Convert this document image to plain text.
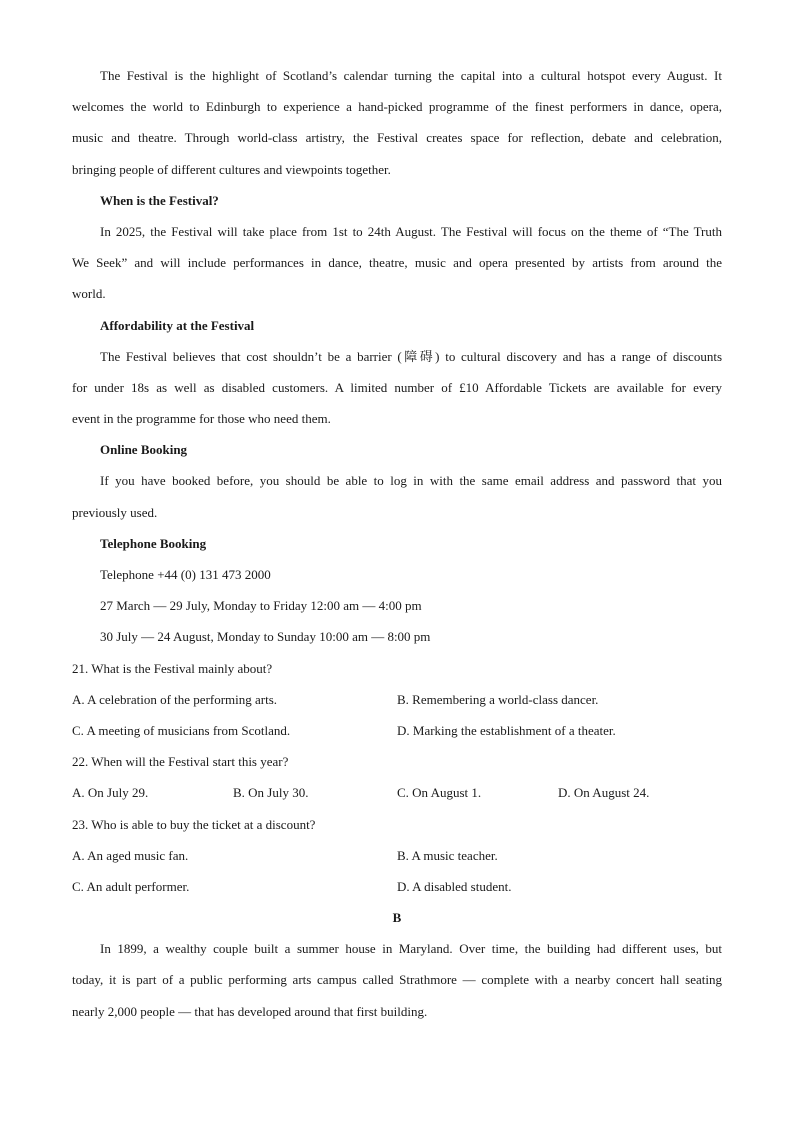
The Festival is the highlight of Scotland’s calendar turning the capital into a cultural hotspot every August. It
welcomes the world to Edinburgh to experience a hand-picked programme of the finest performers in dance, opera,
music and theatre. Through world-class artistry, the Festival creates space for reflection, debate and celebration,
bringing people of different cultures and viewpoints together.
When is the Festival?
In 2025, the Festival will take place from 1st to 24th August. The Festival will focus on the theme of “The Truth
We Seek” and will include performances in dance, theatre, music and opera presented by artists from around the
world.
Affordability at the Festival
The Festival believes that cost shouldn’t be a barrier (障碍) to cultural discovery and has a range of discounts
for under 18s as well as disabled customers. A limited number of £10 Affordable Tickets are available for every
event in the programme for those who need them.
Online Booking
If you have booked before, you should be able to log in with the same email address and password that you
previously used.
Telephone Booking
Telephone +44 (0) 131 473 2000
27 March — 29 July, Monday to Friday 12:00 am — 4:00 pm
30 July — 24 August, Monday to Sunday 10:00 am — 8:00 pm
21. What is the Festival mainly about?
A. A celebration of the performing arts.	B. Remembering a world-class dancer.
C. A meeting of musicians from Scotland.	D. Marking the establishment of a theater.
22. When will the Festival start this year?
A. On July 29.	B. On July 30.	C. On August 1.	D. On August 24.
23. Who is able to buy the ticket at a discount?
A. An aged music fan.	B. A music teacher.
C. An adult performer.	D. A disabled student.
B
In 1899, a wealthy couple built a summer house in Maryland. Over time, the building had different uses, but
today, it is part of a public performing arts campus called Strathmore — complete with a nearby concert hall seating
nearly 2,000 people — that has developed around that first building.
